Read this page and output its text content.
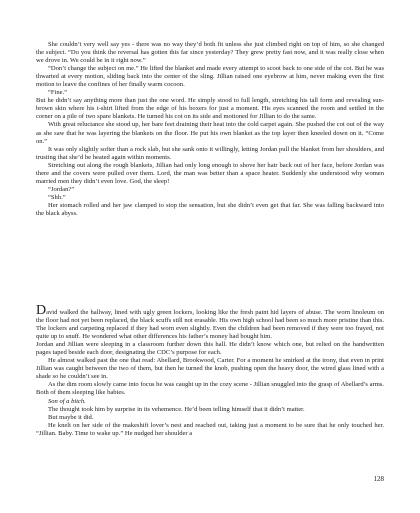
She couldn’t very well say yes - there was no way they’d both fit unless she just climbed right on top of him, so she changed the subject. “Do you think the reversal has gotten this far since yesterday? They grew pretty fast now, and it was really close when we drove in. We could be in it right now.”

“Don’t change the subject on me.” He lifted the blanket and made every attempt to scoot back to one side of the cot. But he was thwarted at every motion, sliding back into the center of the sling. Jillian raised one eyebrow at him, never making even the first motion to leave the confines of her finally warm cocoon.

“Fine.”

But he didn’t say anything more than just the one word. He simply stood to full length, stretching his tall form and revealing sun-brown skin where his t-shirt lifted from the edge of his boxers for just a moment. His eyes scanned the room and settled in the corner on a pile of two spare blankets. He turned his cot on its side and motioned for Jillian to do the same.

With great reluctance she stood up, her bare feet draining their heat into the cold carpet again. She pushed the cot out of the way as she saw that he was layering the blankets on the floor. He put his own blanket as the top layer then kneeled down on it. “Come on.”

It was only slightly softer than a rock slab, but she sank onto it willingly, letting Jordan pull the blanket from her shoulders, and trusting that she’d be heated again within moments.

Stretching out along the rough blankets, Jillian had only long enough to shove her hair back out of her face, before Jordan was there and the covers were pulled over them. Lord, the man was better than a space heater. Suddenly she understood why women married men they didn’t even love. God, the sleep!

“Jordan?”

“Shh.”

Her stomach rolled and her jaw clamped to stop the sensation, but she didn’t even get that far. She was falling backward into the black abyss.

David walked the hallway, lined with ugly green lockers, looking like the fresh paint hid layers of abuse. The worn linoleum on the floor had not yet been replaced, the black scuffs still not erasable. His own high school had been so much more pristine than this. The lockers and carpeting replaced if they had worn even slightly. Even the children had been removed if they were too frayed, not quite up to snuff. He wondered what other differences his father’s money had bought him.

Jordan and Jillian were sleeping in a classroom further down this hall. He didn’t know which one, but relied on the handwritten pages taped beside each door, designating the CDC’s purpose for each.

He almost walked past the one that read: Abellard, Brookwood, Carter. For a moment he smirked at the irony, that even in print Jillian was caught between the two of them, but then he turned the knob, pushing open the heavy door, the wired glass lined with a shade so he couldn’t see in.

As the dim room slowly came into focus he was caught up in the cozy scene - Jillian snuggled into the grasp of Abellard’s arms. Both of them sleeping like babies.

Son of a bitch.

The thought took him by surprise in its vehemence. He’d been telling himself that it didn’t matter.

But maybe it did.

He knelt on her side of the makeshift lover’s nest and reached out, taking just a moment to be sure that he only touched her. “Jillian. Baby. Time to wake up.” He nudged her shoulder a

128
